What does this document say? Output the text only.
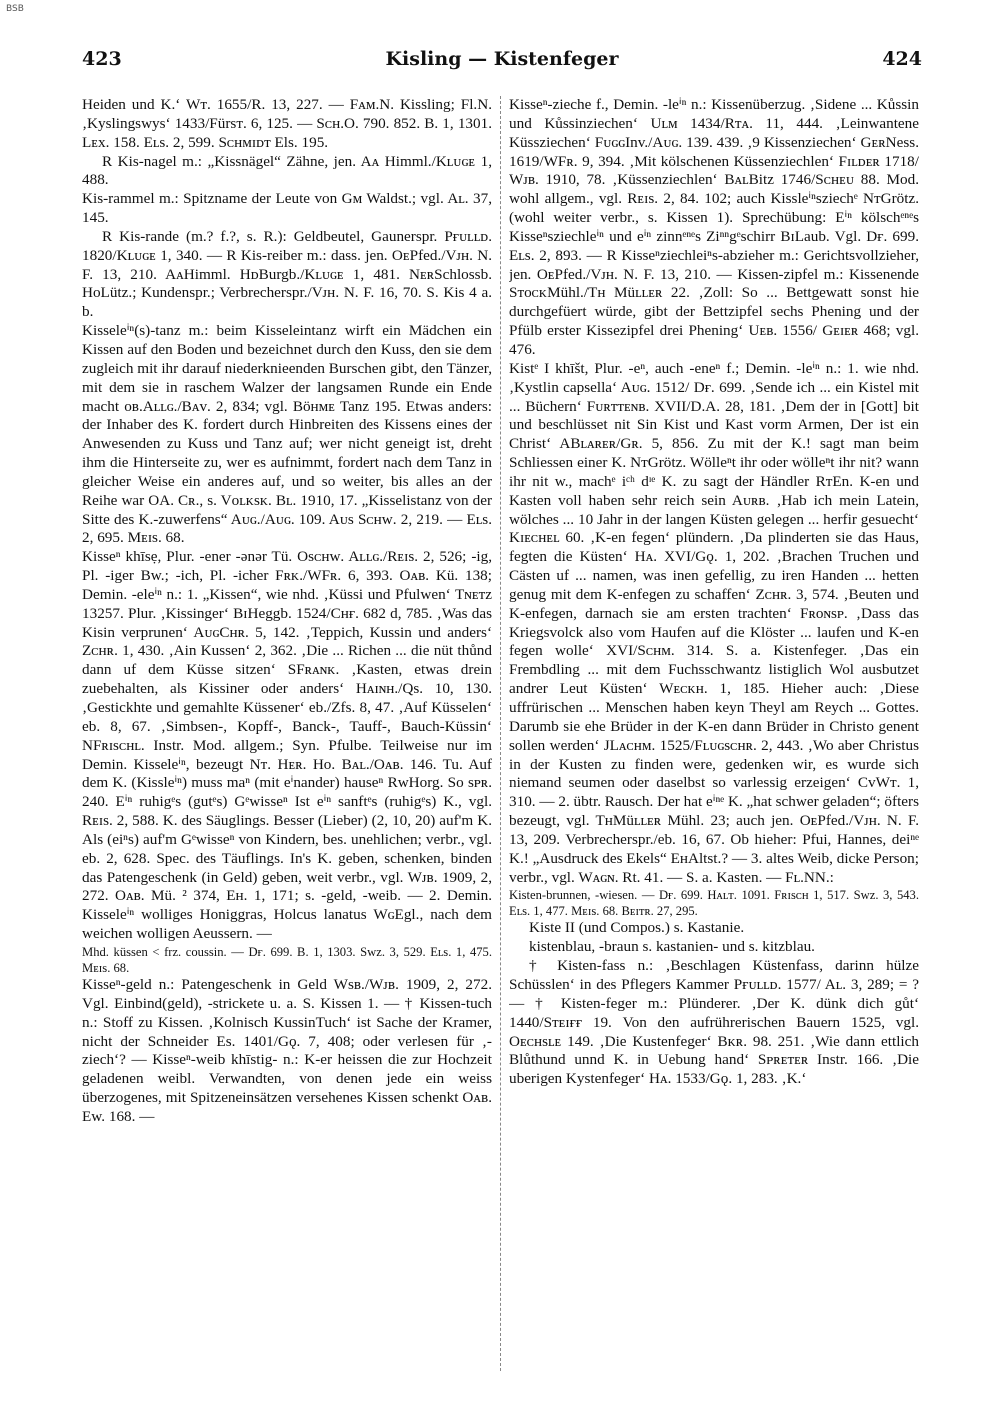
BSB
423	Kisling — Kistenfeger	424

Heiden und K.‘ Wᴛ. 1655/R. 13, 227. — Fᴀᴍ.N. Kissling; Fl.N. ‚Kyslingswys‘ 1433/Fürsᴛ. 6, 125. — Sᴄʜ.O. 790. 852. B. 1, 1301. Lᴇx. 158. Eʟs. 2, 599. Sᴄʜᴍɪᴅᴛ Els. 195.

R Kis-nagel m.: „Kissnägel“ Zähne, jen. Aᴀ Himml./Kʟᴜɢᴇ 1, 488.

Kis-rammel m.: Spitzname der Leute von Gᴍ Waldst.; vgl. Aʟ. 37, 145.

R Kis-rande (m.? f.?, s. R.): Geldbeutel, Gaunerspr. Pғᴜʟʟᴅ. 1820/Kʟᴜɢᴇ 1, 340. — R Kis-reiber m.: dass. jen. OᴇPfed./Vᴊʜ. N. F. 13, 210. AᴀHimml. HᴅBurgb./Kʟᴜɢᴇ 1, 481. NᴇʀSchlossb. HoLütz.; Kundenspr.; Verbrecherspr./Vᴊʜ. N. F. 16, 70. S. Kis 4 a. b.

Kisseleⁱⁿ(s)-tanz m.: beim Kisseleintanz wirft ein Mädchen ein Kissen auf den Boden und bezeichnet durch den Kuss, den sie dem zugleich mit ihr darauf niederknieenden Burschen gibt, den Tänzer, mit dem sie in raschem Walzer der langsamen Runde ein Ende macht ᴏʙ.Aʟʟɢ./Bᴀᴠ. 2, 834; vgl. Böʜᴍᴇ Tanz 195. Etwas anders: der Inhaber des K. fordert durch Hinbreiten des Kissens eines der Anwesenden zu Kuss und Tanz auf; wer nicht geneigt ist, dreht ihm die Hinterseite zu, wer es aufnimmt, fordert nach dem Tanz in gleicher Weise ein anderes auf, und so weiter, bis alles an der Reihe war OA. Cʀ., s. Vᴏʟᴋsᴋ. Bʟ. 1910, 17. „Kisselistanz von der Sitte des K.-zuwerfens“ Aᴜɢ./Aᴜɢ. 109. Aᴜs Sᴄʜᴡ. 2, 219. — Eʟs. 2, 695. Mᴇɪs. 68.

Kisseⁿ khīsẹ, Plur. -ener -ənər Tü. Osᴄʜᴡ. Aʟʟɢ./Rᴇɪs. 2, 526; -ig, Pl. -iger Bw.; -ich, Pl. -icher Fʀᴋ./WFʀ. 6, 393. Oᴀʙ. Kü. 138; Demin. -eleⁱⁿ n.: 1. „Kissen“, wie nhd. ‚Küssi und Pfulwen‘ Tɴᴇᴛᴢ 13257. Plur. ‚Kissinger‘ BɪHeggb. 1524/Cʜғ. 682 d, 785. ‚Was das Kisin verprunen‘ AᴜɢCʜʀ. 5, 142. ‚Teppich, Kussin und anders‘ Zᴄʜʀ. 1, 430. ‚Ain Kussen‘ 2, 362. ‚Die ... Richen ... die nüt thůnd dann uf dem Küsse sitzen‘ SFʀᴀɴᴋ. ‚Kasten, etwas drein zuebehalten, als Kissiner oder anders‘ Hᴀɪɴʜ./Qs. 10, 130. ‚Gestickhte und gemahlte Küssener‘ eb./Zfs. 8, 47. ‚Auf Küsselen‘ eb. 8, 67. ‚Simbsen-, Kopff-, Banck-, Tauff-, Bauch-Küssin‘ NFʀɪsᴄʜʟ. Instr. Mod. allgem.; Syn. Pfulbe. Teilweise nur im Demin. Kisseleⁱⁿ, bezeugt Nᴛ. Hᴇʀ. Ho. Bᴀʟ./Oᴀʙ. 146. Tu. Auf dem K. (Kissleⁱⁿ) muss maⁿ (mit eⁱnander) hauseⁿ RwHorg. So sᴘʀ. 240. Eⁱⁿ ruhigᵉs (gutᵉs) Gᵉwisseⁿ Ist eⁱⁿ sanftᵉs (ruhigᵉs) K., vgl. Rᴇɪs. 2, 588. K. des Säuglings. Besser (Lieber) (2, 10, 20) auf'm K. Als (eiⁿs) auf'm Gᵉwisseⁿ von Kindern, bes. unehlichen; verbr., vgl. eb. 2, 628. Spec. des Täuflings. In's K. geben, schenken, binden das Patengeschenk (in Geld) geben, weit verbr., vgl. Wᴊʙ. 1909, 2, 272. Oᴀʙ. Mü. ² 374, Eʜ. 1, 171; s. -geld, -weib. — 2. Demin. Kisseleⁱⁿ wolliges Honiggras, Holcus lanatus WɢEgl., nach dem weichen wolligen Aeussern. —

Mhd. küssen < frz. coussin. — Dғ. 699. B. 1, 1303. Sᴡᴢ. 3, 529. Eʟs. 1, 475. Mᴇɪs. 68.

Kisseⁿ-geld n.: Patengeschenk in Geld Wsʙ./Wᴊʙ. 1909, 2, 272. Vgl. Einbind(geld), -strickete u. a. S. Kissen 1. — † Kissen-tuch n.: Stoff zu Kissen. ‚Kolnisch KussinTuch‘ ist Sache der Kramer, nicht der Schneider Es. 1401/Gǫ. 7, 408; oder verlesen für ‚-ziech‘? — Kisseⁿ-weib khīstig- n.: K-er heissen die zur Hochzeit geladenen weibl. Verwandten, von denen jede ein weiss überzogenes, mit Spitzeneinsätzen versehenes Kissen schenkt Oᴀʙ. Ew. 168. —

Kisseⁿ-zieche f., Demin. -leⁱⁿ n.: Kissenüberzug. ‚Sidene ... Kůssin und Kůssinziechen‘ Uʟᴍ 1434/Rᴛᴀ. 11, 444. ‚Leinwantene Küssziechen‘ FᴜɢɢInv./Aᴜɢ. 139. 439. ‚9 Kissenziechen‘ GᴇʀNess. 1619/WFʀ. 9, 394. ‚Mit kölschenen Küssenziechlen‘ Fɪʟᴅᴇʀ 1718/ Wᴊʙ. 1910, 78. ‚Küssenziechlen‘ BᴀʟBitz 1746/Sᴄʜᴇᴜ 88. Mod. wohl allgem., vgl. Rᴇɪs. 2, 84. 102; auch Kissleⁱⁿsziechᵉ NᴛGrötz. (wohl weiter verbr., s. Kissen 1). Sprechübung: Eⁱⁿ kölschᵉⁿᵉs Kisseⁿsziechleⁱⁿ und eⁱⁿ zinnᵉⁿᵉs Ziⁿⁿgᵉschirr BɪLaub. Vgl. Dғ. 699. Eʟs. 2, 893. — R Kisseⁿziechleiⁿs-abzieher m.: Gerichtsvollzieher, jen. OᴇPfed./Vᴊʜ. N. F. 13, 210. — Kissen-zipfel m.: Kissenende SᴛᴏᴄᴋMühl./Tʜ Müʟʟᴇʀ 22. ‚Zoll: So ... Bettgewatt sonst hie durchgefüert würde, gibt der Bettzipfel sechs Phening und der Pfülb erster Kissezipfel drei Phening‘ Uᴇʙ. 1556/ Gᴇɪᴇʀ 468; vgl. 476.

Kistᵉ I khīšt, Plur. -eⁿ, auch -eneⁿ f.; Demin. -leⁱⁿ n.: 1. wie nhd. ‚Kystlin capsella‘ Aᴜɢ. 1512/ Dғ. 699. ‚Sende ich ... ein Kistel mit ... Büchern‘ Fᴜʀᴛᴛᴇɴʙ. XVII/D.A. 28, 181. ‚Dem der in [Gott] bit und beschlüsset nit Sin Kist und Kast vorm Armen, Der ist ein Christ‘ ABʟᴀʀᴇʀ/Gʀ. 5, 856. Zu mit der K.! sagt man beim Schliessen einer K. NᴛGrötz. Wölleⁿt ihr oder wölleⁿt ihr nit? wann ihr nit w., machᵉ iᶜʰ dᶦᵉ K. zu sagt der Händler RᴛEn. K-en und Kasten voll haben sehr reich sein Aᴜʀʙ. ‚Hab ich mein Latein, wölches ... 10 Jahr in der langen Küsten gelegen ... herfir gesuecht‘ Kɪᴇᴄʜᴇʟ 60. ‚K-en fegen‘ plündern. ‚Da plinderten sie das Haus, fegten die Küsten‘ Hᴀ. XVI/Gǫ. 1, 202. ‚Brachen Truchen und Cästen uf ... namen, was inen gefellig, zu iren Handen ... hetten genug mit dem K-enfegen zu schaffen‘ Zᴄʜʀ. 3, 574. ‚Beuten und K-enfegen, darnach sie am ersten trachten‘ Fʀᴏɴsᴘ. ‚Dass das Kriegsvolck also vom Haufen auf die Klöster ... laufen und K-en fegen wolle‘ XVI/Sᴄʜᴍ. 314. S. a. Kistenfeger. ‚Das ein Frembdling ... mit dem Fuchsschwantz listiglich Wol ausbutzet andrer Leut Küsten‘ Wᴇᴄᴋʜ. 1, 185. Hieher auch: ‚Diese uffrürischen ... Menschen haben keyn Theyl am Reych ... Gottes. Darumb sie ehe Brüder in der K-en dann Brüder in Christo genent sollen werden‘ JLᴀᴄʜᴍ. 1525/Fʟᴜɢsᴄʜʀ. 2, 443. ‚Wo aber Christus in der Kusten zu finden were, gedenken wir, es wurde sich niemand seumen oder daselbst so varlessig erzeigen‘ CᴠWᴛ. 1, 310. — 2. übtr. Rausch. Der hat eⁱⁿᵉ K. „hat schwer geladen“; öfters bezeugt, vgl. TʜMüʟʟᴇʀ Mühl. 23; auch jen. OᴇPfed./Vᴊʜ. N. F. 13, 209. Verbrecherspr./eb. 16, 67. Ob hieher: Pfui, Hannes, deiⁿᵉ K.! „Ausdruck des Ekels“ EʜAltst.? — 3. altes Weib, dicke Person; verbr., vgl. Wᴀɢɴ. Rt. 41. — S. a. Kasten. — Fʟ.NN.:

Kisten-brunnen, -wiesen. — Dғ. 699. Hᴀʟᴛ. 1091. Fʀɪsᴄʜ 1, 517. Sᴡᴢ. 3, 543. Eʟs. 1, 477. Mᴇɪs. 68. Bᴇɪᴛʀ. 27, 295.

Kiste II (und Compos.) s. Kastanie.

kistenblau, -braun s. kastanien- und s. kitzblau.

† Kisten-fass n.: ‚Beschlagen Küstenfass, darinn hülze Schüsslen‘ in des Pflegers Kammer Pғᴜʟʟᴅ. 1577/ Aʟ. 3, 289; = ? — † Kisten-feger m.: Plünderer. ‚Der K. dünk dich gůt‘ 1440/Sᴛᴇɪғғ 19. Von den aufrührerischen Bauern 1525, vgl. Oᴇᴄʜsʟᴇ 149. ‚Die Kustenfeger‘ Bᴋʀ. 98. 251. ‚Wie dann ettlich Blůthund unnd K. in Uebung hand‘ Sᴘʀᴇᴛᴇʀ Instr. 166. ‚Die uberigen Kystenfeger‘ Hᴀ. 1533/Gǫ. 1, 283. ‚K.‘
